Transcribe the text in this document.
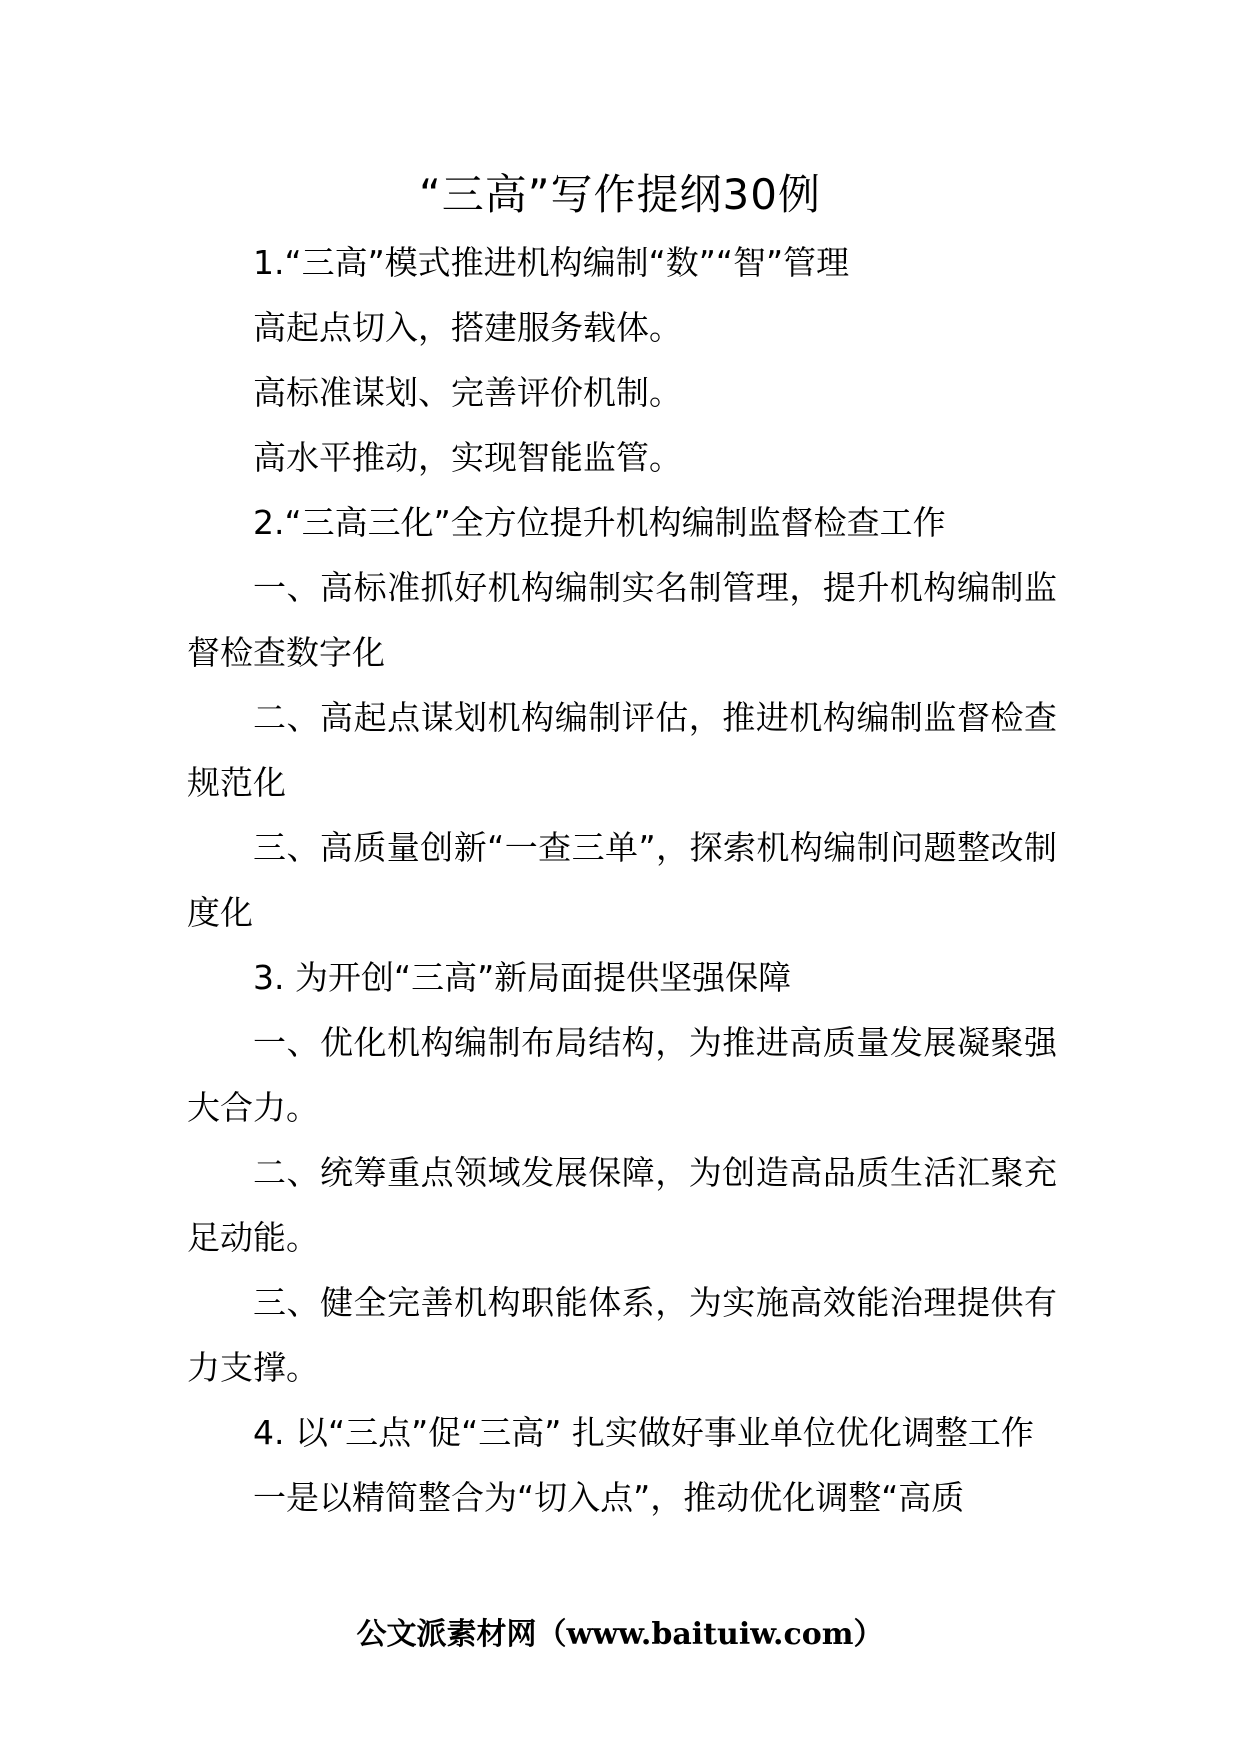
“三高”写作提纲30例

1.“三高”模式推进机构编制“数”“智”管理

高起点切入，搭建服务载体。

高标准谋划、完善评价机制。

高水平推动，实现智能监管。

2.“三高三化”全方位提升机构编制监督检查工作

一、高标准抓好机构编制实名制管理，提升机构编制监督检查数字化

二、高起点谋划机构编制评估，推进机构编制监督检查规范化

三、高质量创新“一查三单”，探索机构编制问题整改制度化

3. 为开创“三高”新局面提供坚强保障

一、优化机构编制布局结构，为推进高质量发展凝聚强大合力。

二、统筹重点领域发展保障，为创造高品质生活汇聚充足动能。

三、健全完善机构职能体系，为实施高效能治理提供有力支撑。

4. 以“三点”促“三高” 扎实做好事业单位优化调整工作

一是以精简整合为“切入点”，推动优化调整“高质

公文派素材网（www.baituiw.com）
